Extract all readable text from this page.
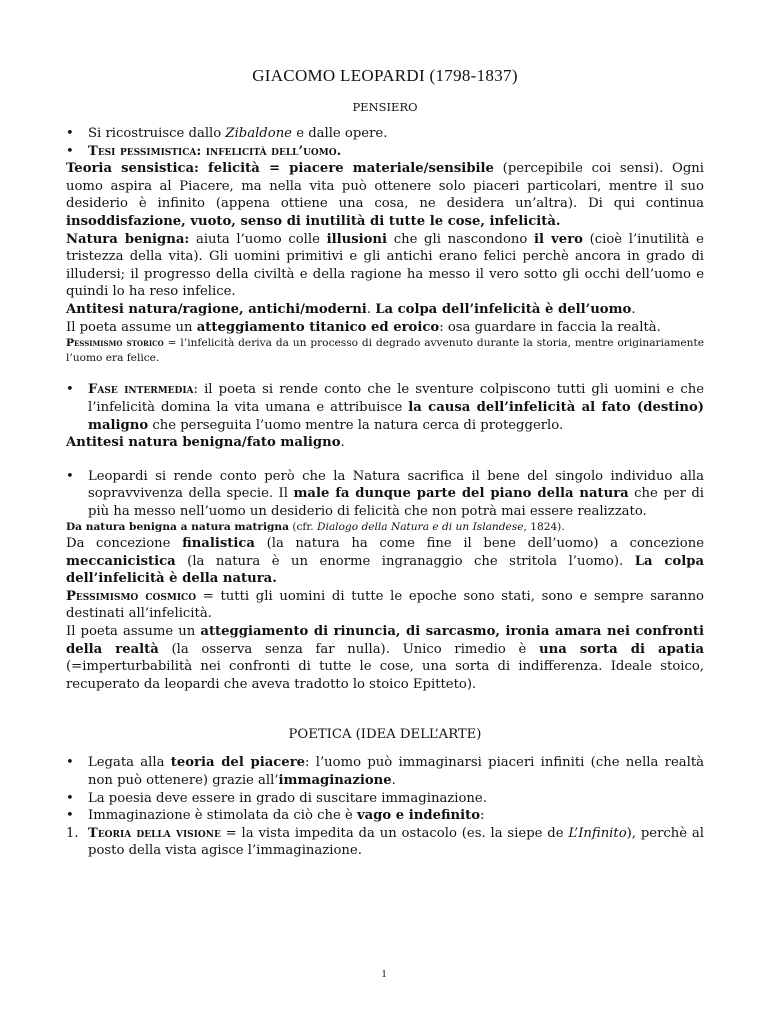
GIACOMO LEOPARDI (1798-1837)
PENSIERO
• Si ricostruisce dallo Zibaldone e dalle opere.
• Tesi pessimistica: infelicità dell’uomo.

Teoria sensistica: felicità = piacere materiale/sensibile (percepibile coi sensi). Ogni uomo aspira al Piacere, ma nella vita può ottenere solo piaceri particolari, mentre il suo desiderio è infinito (appena ottiene una cosa, ne desidera un’altra). Di qui continua insoddisfazione, vuoto, senso di inutilità di tutte le cose, infelicità.

Natura benigna: aiuta l’uomo colle illusioni che gli nascondono il vero (cioè l’inutilità e tristezza della vita). Gli uomini primitivi e gli antichi erano felici perchè ancora in grado di illudersi; il progresso della civiltà e della ragione ha messo il vero sotto gli occhi dell’uomo e quindi lo ha reso infelice.

Antitesi natura/ragione, antichi/moderni. La colpa dell’infelicità è dell’uomo.

Il poeta assume un atteggiamento titanico ed eroico: osa guardare in faccia la realtà.

Pessimismo storico = l’infelicità deriva da un processo di degrado avvenuto durante la storia, mentre originariamente l’uomo era felice.

• Fase intermedia: il poeta si rende conto che le sventure colpiscono tutti gli uomini e che l’infelicità domina la vita umana e attribuisce la causa dell’infelicità al fato (destino) maligno che perseguita l’uomo mentre la natura cerca di proteggerlo.

Antitesi natura benigna/fato maligno.

• Leopardi si rende conto però che la Natura sacrifica il bene del singolo individuo alla sopravvivenza della specie. Il male fa dunque parte del piano della natura che per di più ha messo nell’uomo un desiderio di felicità che non potrà mai essere realizzato.

Da natura benigna a natura matrigna (cfr. Dialogo della Natura e di un Islandese, 1824).

Da concezione finalistica (la natura ha come fine il bene dell’uomo) a concezione meccanicistica (la natura è un enorme ingranaggio che stritola l’uomo). La colpa dell’infelicità è della natura.

Pessimismo cosmico = tutti gli uomini di tutte le epoche sono stati, sono e sempre saranno destinati all’infelicità.

Il poeta assume un atteggiamento di rinuncia, di sarcasmo, ironia amara nei confronti della realtà (la osserva senza far nulla). Unico rimedio è una sorta di apatia (=imperturbabilità nei confronti di tutte le cose, una sorta di indifferenza. Ideale stoico, recuperato da leopardi che aveva tradotto lo stoico Epitteto).

POETICA (IDEA DELL’ARTE)
• Legata alla teoria del piacere: l’uomo può immaginarsi piaceri infiniti (che nella realtà non può ottenere) grazie all’immaginazione.
• La poesia deve essere in grado di suscitare immaginazione.
• Immaginazione è stimolata da ciò che è vago e indefinito:
1. Teoria della visione = la vista impedita da un ostacolo (es. la siepe de L’Infinito), perchè al posto della vista agisce l’immaginazione.
1
